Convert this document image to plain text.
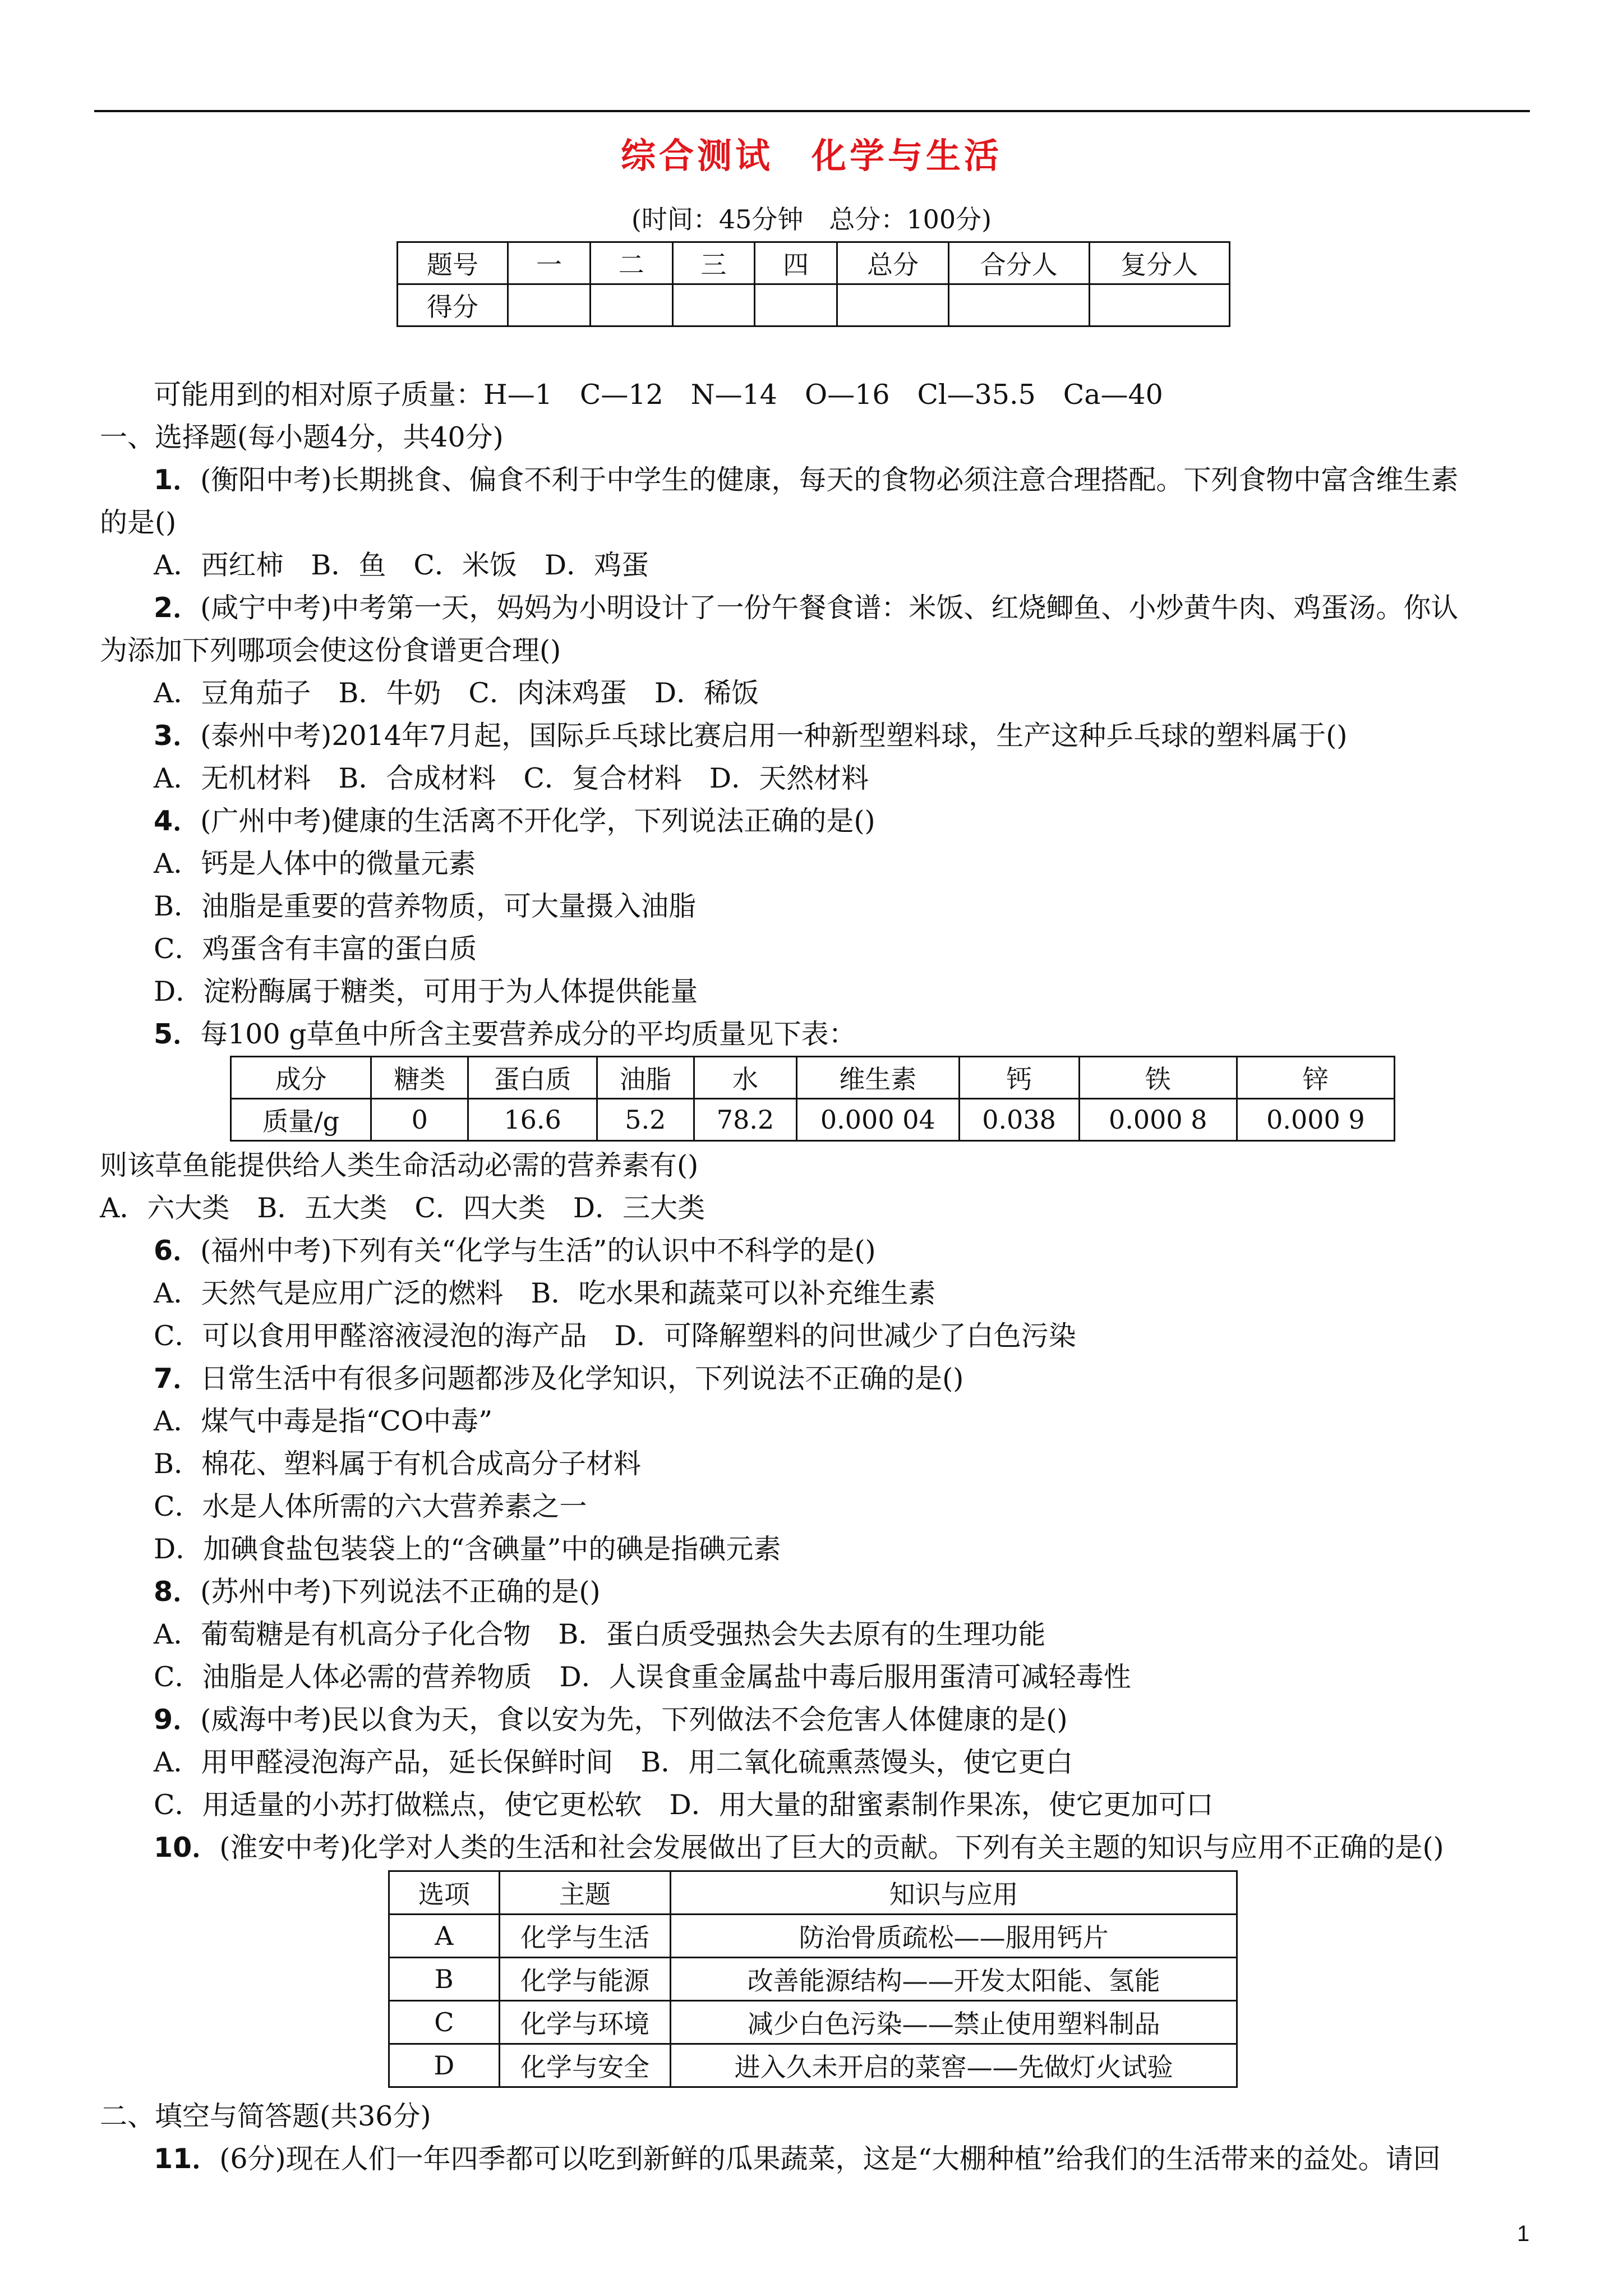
综合测试　化学与生活
(时间：45分钟　总分：100分)
题号	一	二	三	四	总分	合分人	复分人
得分							
可能用到的相对原子质量：H—1　C—12　N—14　O—16　Cl—35.5　Ca—40
一、选择题(每小题4分，共40分)
1．(衡阳中考)长期挑食、偏食不利于中学生的健康，每天的食物必须注意合理搭配。下列食物中富含维生素
的是()
A．西红柿　B．鱼　C．米饭　D．鸡蛋
2．(咸宁中考)中考第一天，妈妈为小明设计了一份午餐食谱：米饭、红烧鲫鱼、小炒黄牛肉、鸡蛋汤。你认
为添加下列哪项会使这份食谱更合理()
A．豆角茄子　B．牛奶　C．肉沫鸡蛋　D．稀饭
3．(泰州中考)2014年7月起，国际乒乓球比赛启用一种新型塑料球，生产这种乒乓球的塑料属于()
A．无机材料　B．合成材料　C．复合材料　D．天然材料
4．(广州中考)健康的生活离不开化学，下列说法正确的是()
A．钙是人体中的微量元素
B．油脂是重要的营养物质，可大量摄入油脂
C．鸡蛋含有丰富的蛋白质
D．淀粉酶属于糖类，可用于为人体提供能量
5．每100 g草鱼中所含主要营养成分的平均质量见下表：
成分	糖类	蛋白质	油脂	水	维生素	钙	铁	锌
质量/g	0	16.6	5.2	78.2	0.000 04	0.038	0.000 8	0.000 9
则该草鱼能提供给人类生命活动必需的营养素有()
A．六大类　B．五大类　C．四大类　D．三大类
6．(福州中考)下列有关“化学与生活”的认识中不科学的是()
A．天然气是应用广泛的燃料　B．吃水果和蔬菜可以补充维生素
C．可以食用甲醛溶液浸泡的海产品　D．可降解塑料的问世减少了白色污染
7．日常生活中有很多问题都涉及化学知识，下列说法不正确的是()
A．煤气中毒是指“CO中毒”
B．棉花、塑料属于有机合成高分子材料
C．水是人体所需的六大营养素之一
D．加碘食盐包装袋上的“含碘量”中的碘是指碘元素
8．(苏州中考)下列说法不正确的是()
A．葡萄糖是有机高分子化合物　B．蛋白质受强热会失去原有的生理功能
C．油脂是人体必需的营养物质　D．人误食重金属盐中毒后服用蛋清可减轻毒性
9．(威海中考)民以食为天，食以安为先，下列做法不会危害人体健康的是()
A．用甲醛浸泡海产品，延长保鲜时间　B．用二氧化硫熏蒸馒头，使它更白
C．用适量的小苏打做糕点，使它更松软　D．用大量的甜蜜素制作果冻，使它更加可口
10．(淮安中考)化学对人类的生活和社会发展做出了巨大的贡献。下列有关主题的知识与应用不正确的是()
选项	主题	知识与应用
A	化学与生活	防治骨质疏松——服用钙片
B	化学与能源	改善能源结构——开发太阳能、氢能
C	化学与环境	减少白色污染——禁止使用塑料制品
D	化学与安全	进入久未开启的菜窖——先做灯火试验
二、填空与简答题(共36分)
11．(6分)现在人们一年四季都可以吃到新鲜的瓜果蔬菜，这是“大棚种植”给我们的生活带来的益处。请回
1
